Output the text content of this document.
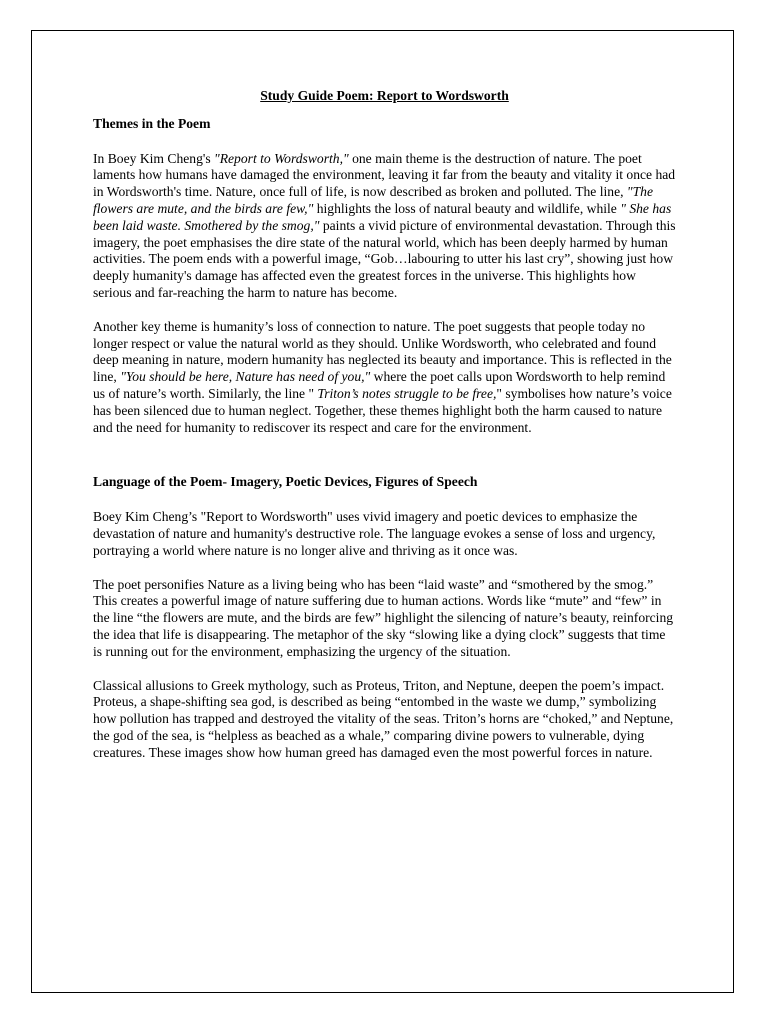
Study Guide Poem: Report to Wordsworth
Themes in the Poem

In Boey Kim Cheng's "Report to Wordsworth," one main theme is the destruction of nature. The poet laments how humans have damaged the environment, leaving it far from the beauty and vitality it once had in Wordsworth's time. Nature, once full of life, is now described as broken and polluted. The line, "The flowers are mute, and the birds are few," highlights the loss of natural beauty and wildlife, while " She has been laid waste. Smothered by the smog," paints a vivid picture of environmental devastation. Through this imagery, the poet emphasises the dire state of the natural world, which has been deeply harmed by human activities. The poem ends with a powerful image, “Gob…labouring to utter his last cry”, showing just how deeply humanity's damage has affected even the greatest forces in the universe. This highlights how serious and far-reaching the harm to nature has become.

Another key theme is humanity’s loss of connection to nature. The poet suggests that people today no longer respect or value the natural world as they should. Unlike Wordsworth, who celebrated and found deep meaning in nature, modern humanity has neglected its beauty and importance. This is reflected in the line, "You should be here, Nature has need of you," where the poet calls upon Wordsworth to help remind us of nature’s worth. Similarly, the line " Triton’s notes struggle to be free," symbolises how nature’s voice has been silenced due to human neglect. Together, these themes highlight both the harm caused to nature and the need for humanity to rediscover its respect and care for the environment.

Language of the Poem- Imagery, Poetic Devices, Figures of Speech

Boey Kim Cheng’s "Report to Wordsworth" uses vivid imagery and poetic devices to emphasize the devastation of nature and humanity's destructive role. The language evokes a sense of loss and urgency, portraying a world where nature is no longer alive and thriving as it once was.

The poet personifies Nature as a living being who has been “laid waste” and “smothered by the smog.” This creates a powerful image of nature suffering due to human actions. Words like “mute” and “few” in the line “the flowers are mute, and the birds are few” highlight the silencing of nature’s beauty, reinforcing the idea that life is disappearing. The metaphor of the sky “slowing like a dying clock” suggests that time is running out for the environment, emphasizing the urgency of the situation.

Classical allusions to Greek mythology, such as Proteus, Triton, and Neptune, deepen the poem’s impact. Proteus, a shape-shifting sea god, is described as being “entombed in the waste we dump,” symbolizing how pollution has trapped and destroyed the vitality of the seas. Triton’s horns are “choked,” and Neptune, the god of the sea, is “helpless as beached as a whale,” comparing divine powers to vulnerable, dying creatures. These images show how human greed has damaged even the most powerful forces in nature.
